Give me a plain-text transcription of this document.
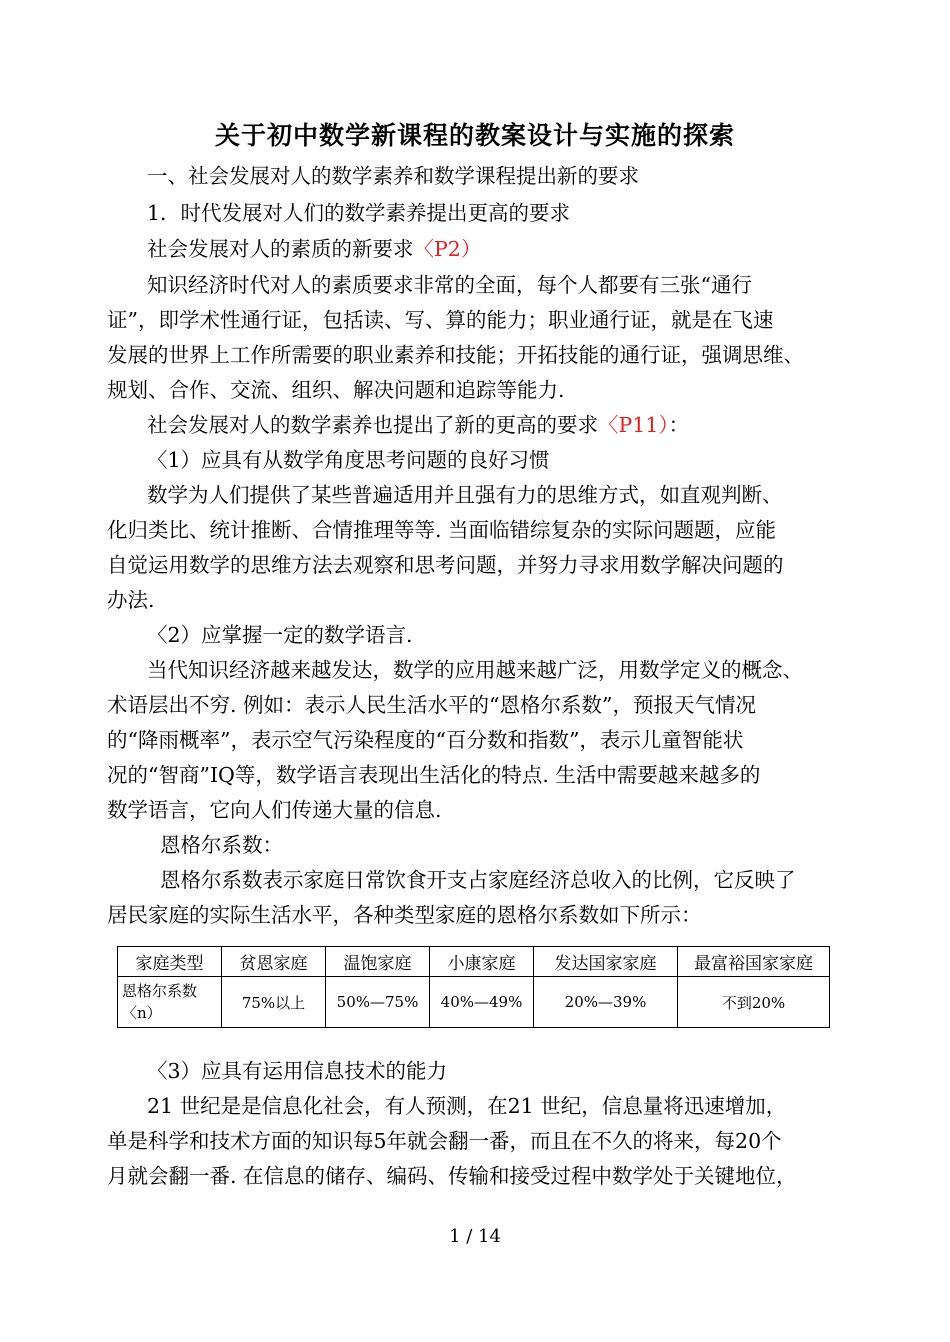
关于初中数学新课程的教案设计与实施的探索
一、社会发展对人的数学素养和数学课程提出新的要求
1．时代发展对人们的数学素养提出更高的要求
社会发展对人的素质的新要求〈P2）
知识经济时代对人的素质要求非常的全面，每个人都要有三张“通行
证”，即学术性通行证，包括读、写、算的能力；职业通行证，就是在飞速
发展的世界上工作所需要的职业素养和技能；开拓技能的通行证，强调思维、
规划、合作、交流、组织、解决问题和追踪等能力.
社会发展对人的数学素养也提出了新的更高的要求〈P11）：
〈1）应具有从数学角度思考问题的良好习惯
数学为人们提供了某些普遍适用并且强有力的思维方式，如直观判断、
化归类比、统计推断、合情推理等等. 当面临错综复杂的实际问题题，应能
自觉运用数学的思维方法去观察和思考问题，并努力寻求用数学解决问题的
办法.
〈2）应掌握一定的数学语言.
当代知识经济越来越发达，数学的应用越来越广泛，用数学定义的概念、
术语层出不穷. 例如：表示人民生活水平的“恩格尔系数”，预报天气情况
的“降雨概率”，表示空气污染程度的“百分数和指数”，表示儿童智能状
况的“智商”IQ等，数学语言表现出生活化的特点. 生活中需要越来越多的
数学语言，它向人们传递大量的信息.
恩格尔系数：
恩格尔系数表示家庭日常饮食开支占家庭经济总收入的比例，它反映了
居民家庭的实际生活水平，各种类型家庭的恩格尔系数如下所示：
家庭类型	贫恩家庭	温饱家庭	小康家庭	发达国家家庭	最富裕国家家庭
恩格尔系数〈n）	75%以上	50%—75%	40%—49%	20%—39%	不到20%
〈3）应具有运用信息技术的能力
21 世纪是是信息化社会，有人预测，在21 世纪，信息量将迅速增加，
单是科学和技术方面的知识每5年就会翻一番，而且在不久的将来，每20个
月就会翻一番. 在信息的储存、编码、传输和接受过程中数学处于关键地位，
1 / 14
